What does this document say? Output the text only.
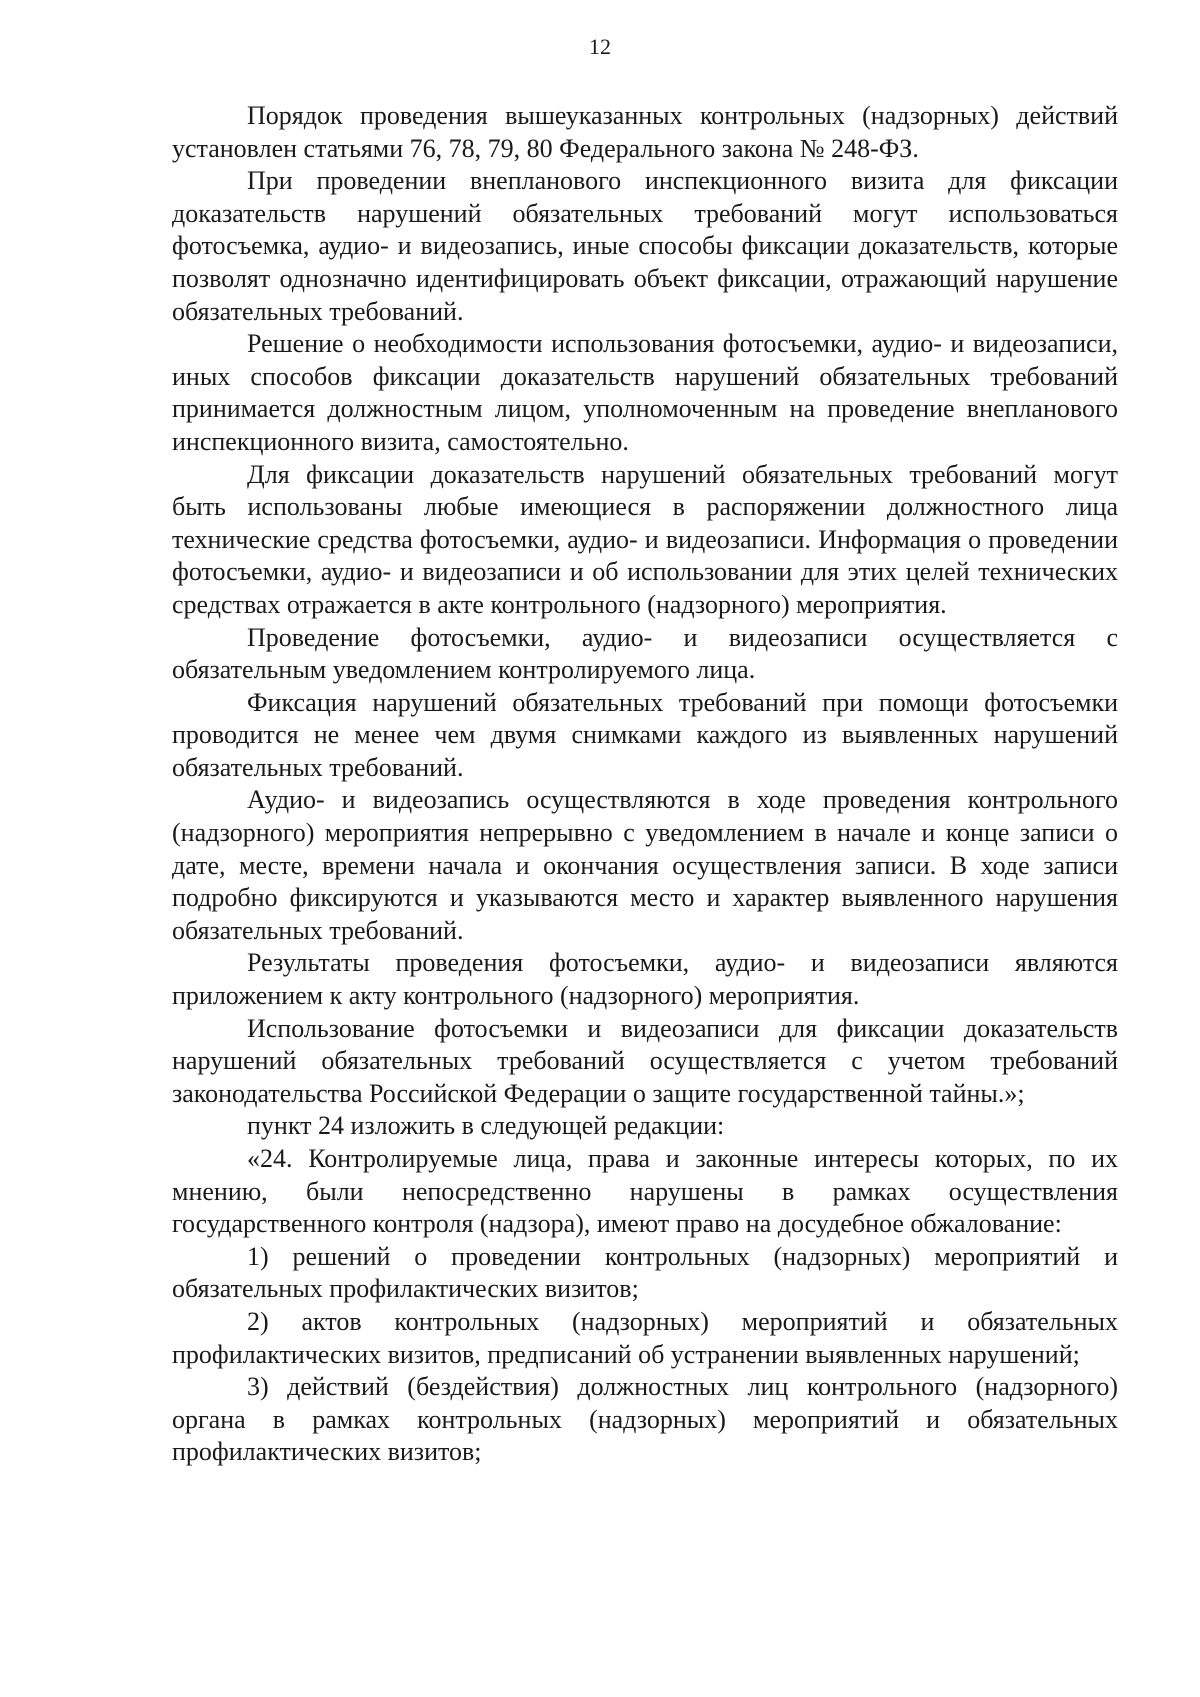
12

Порядок проведения вышеуказанных контрольных (надзорных) действий установлен статьями 76, 78, 79, 80 Федерального закона № 248-ФЗ.

При проведении внепланового инспекционного визита для фиксации доказательств нарушений обязательных требований могут использоваться фотосъемка, аудио- и видеозапись, иные способы фиксации доказательств, которые позволят однозначно идентифицировать объект фиксации, отражающий нарушение обязательных требований.

Решение о необходимости использования фотосъемки, аудио- и видеозаписи, иных способов фиксации доказательств нарушений обязательных требований принимается должностным лицом, уполномоченным на проведение внепланового инспекционного визита, самостоятельно.

Для фиксации доказательств нарушений обязательных требований могут быть использованы любые имеющиеся в распоряжении должностного лица технические средства фотосъемки, аудио- и видеозаписи. Информация о проведении фотосъемки, аудио- и видеозаписи и об использовании для этих целей технических средствах отражается в акте контрольного (надзорного) мероприятия.

Проведение фотосъемки, аудио- и видеозаписи осуществляется с обязательным уведомлением контролируемого лица.

Фиксация нарушений обязательных требований при помощи фотосъемки проводится не менее чем двумя снимками каждого из выявленных нарушений обязательных требований.

Аудио- и видеозапись осуществляются в ходе проведения контрольного (надзорного) мероприятия непрерывно с уведомлением в начале и конце записи о дате, месте, времени начала и окончания осуществления записи. В ходе записи подробно фиксируются и указываются место и характер выявленного нарушения обязательных требований.

Результаты проведения фотосъемки, аудио- и видеозаписи являются приложением к акту контрольного (надзорного) мероприятия.

Использование фотосъемки и видеозаписи для фиксации доказательств нарушений обязательных требований осуществляется с учетом требований законодательства Российской Федерации о защите государственной тайны.»;

пункт 24 изложить в следующей редакции:

«24. Контролируемые лица, права и законные интересы которых, по их мнению, были непосредственно нарушены в рамках осуществления государственного контроля (надзора), имеют право на досудебное обжалование:

1) решений о проведении контрольных (надзорных) мероприятий и обязательных профилактических визитов;

2) актов контрольных (надзорных) мероприятий и обязательных профилактических визитов, предписаний об устранении выявленных нарушений;

3) действий (бездействия) должностных лиц контрольного (надзорного) органа в рамках контрольных (надзорных) мероприятий и обязательных профилактических визитов;
